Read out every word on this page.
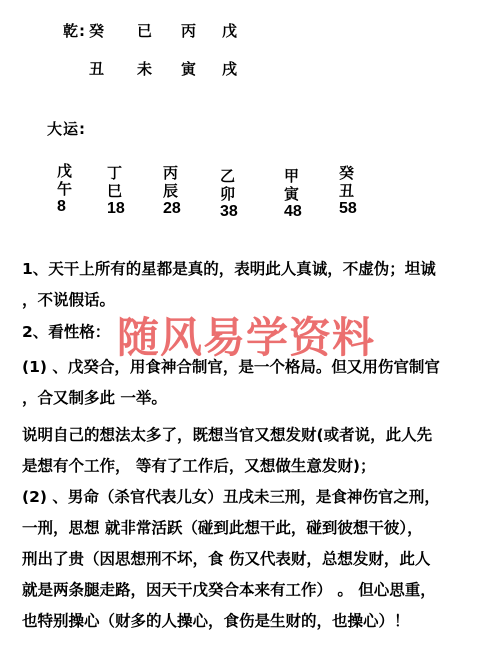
乾: 癸 已 丙 戊
丑 未 寅 戌
大运:
戊
午
8
丁
巳
18
丙
辰
28
乙
卯
38
甲
寅
48
癸
丑
58
1、天干上所有的星都是真的，表明此人真诚，不虚伪；坦诚
，不说假话。
2、看性格：
(1) 、戊癸合，用食神合制官，是一个格局。但又用伤官制官
，合又制多此 一举。
说明自己的想法太多了，既想当官又想发财(或者说，此人先
是想有个工作， 等有了工作后，又想做生意发财)；
(2) 、男命（杀官代表儿女）丑戌未三刑，是食神伤官之刑，
一刑，思想 就非常活跃（碰到此想干此，碰到彼想干彼），
刑出了贵（因思想刑不坏，食 伤又代表财，总想发财，此人
就是两条腿走路，因天干戊癸合本来有工作） 。 但心思重，
也特别操心（财多的人操心，食伤是生财的，也操心）！
随风易学资料
